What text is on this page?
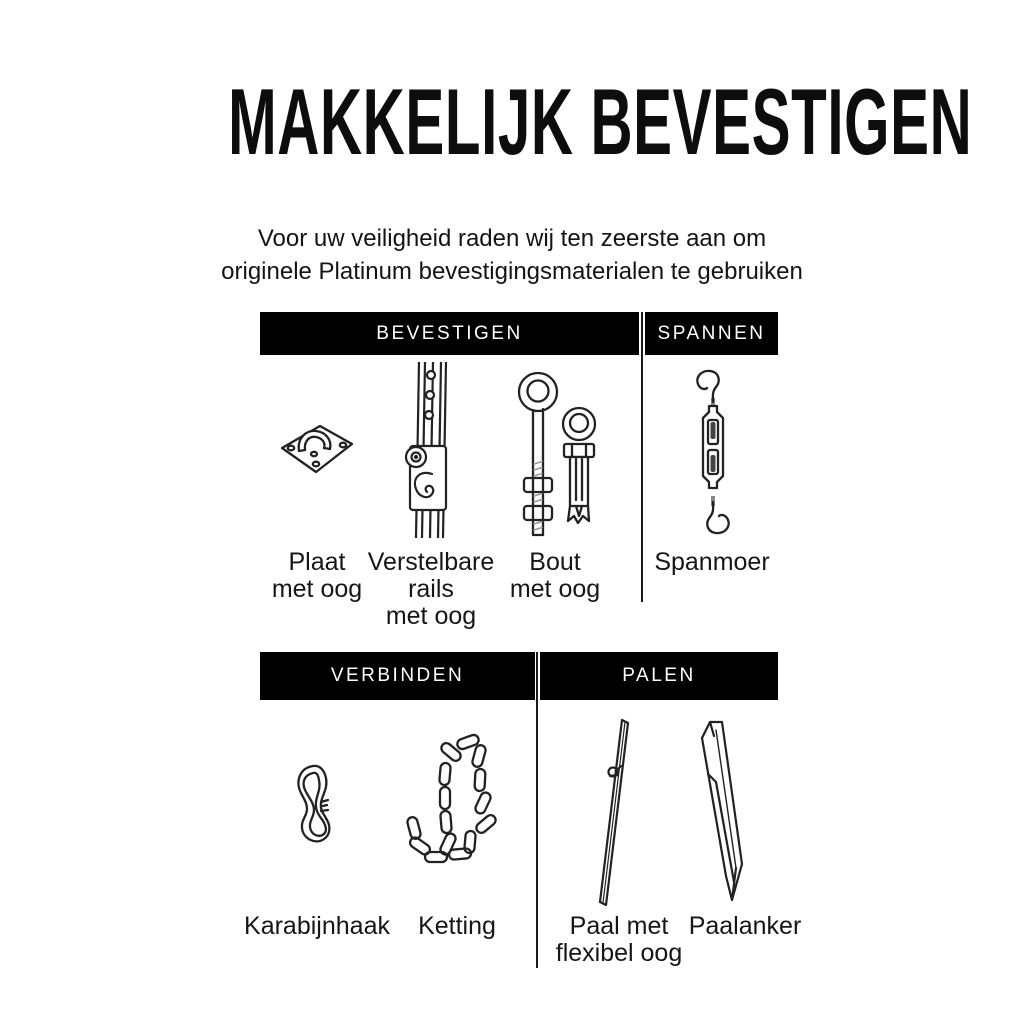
MAKKELIJK BEVESTIGEN
Voor uw veiligheid raden wij ten zeerste aan om
originele Platinum bevestigingsmaterialen te gebruiken
BEVESTIGEN	SPANNEN
Plaat
met oog
Verstelbare
rails
met oog
Bout
met oog
Spanmoer
VERBINDEN	PALEN
Karabijnhaak	Ketting	Paal met
flexibel oog
Paalanker
